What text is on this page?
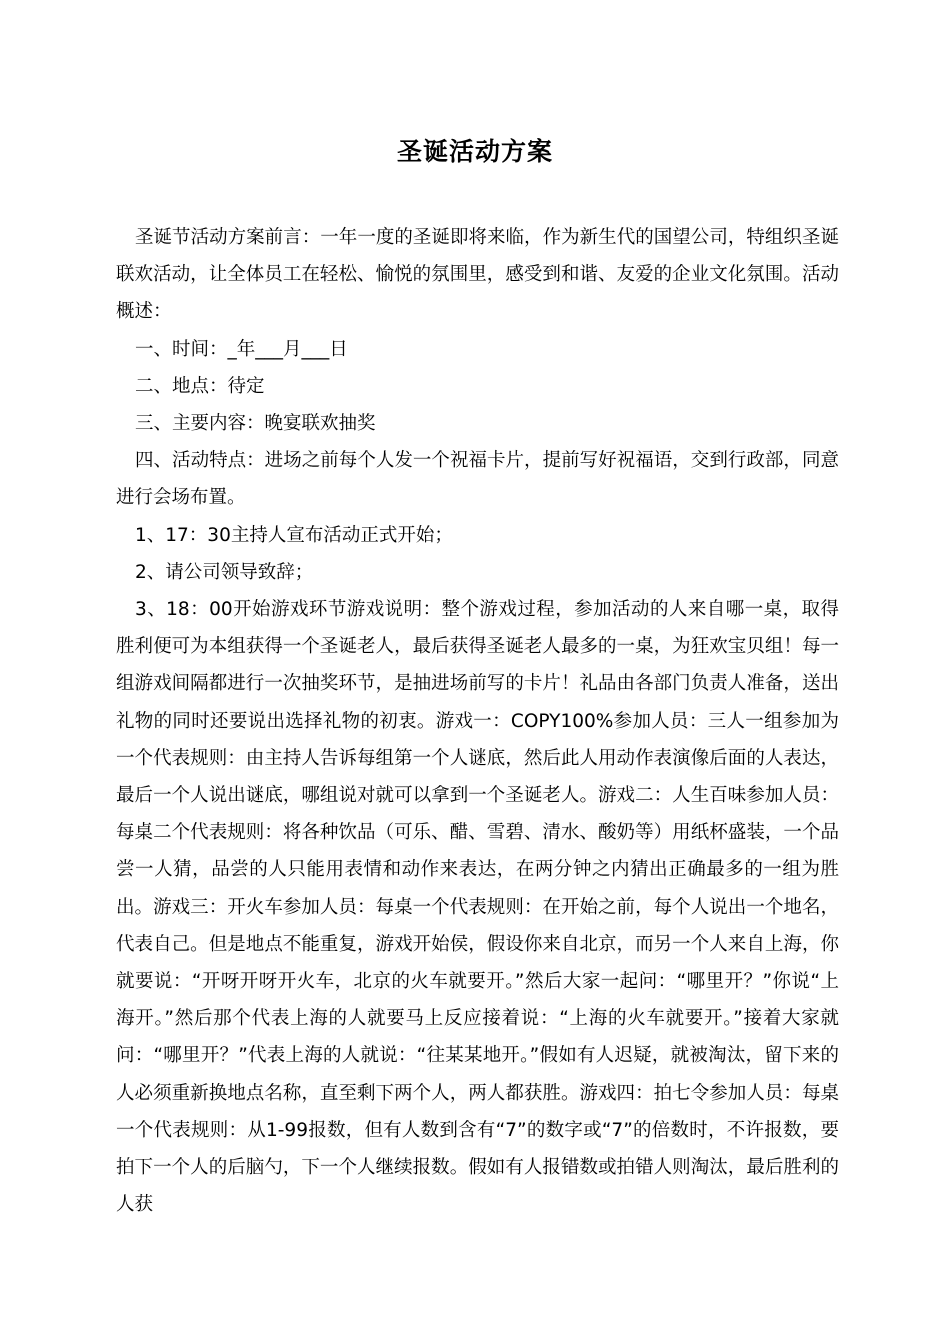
圣诞活动方案

圣诞节活动方案前言：一年一度的圣诞即将来临，作为新生代的国望公司，特组织圣诞联欢活动，让全体员工在轻松、愉悦的氛围里，感受到和谐、友爱的企业文化氛围。活动概述：

一、时间：_年___月___日

二、地点：待定

三、主要内容：晚宴联欢抽奖

四、活动特点：进场之前每个人发一个祝福卡片，提前写好祝福语，交到行政部，同意进行会场布置。

1、17：30主持人宣布活动正式开始；

2、请公司领导致辞；

3、18：00开始游戏环节游戏说明：整个游戏过程，参加活动的人来自哪一桌，取得胜利便可为本组获得一个圣诞老人，最后获得圣诞老人最多的一桌，为狂欢宝贝组！每一组游戏间隔都进行一次抽奖环节，是抽进场前写的卡片！礼品由各部门负责人准备，送出礼物的同时还要说出选择礼物的初衷。游戏一：COPY100%参加人员：三人一组参加为一个代表规则：由主持人告诉每组第一个人谜底，然后此人用动作表演像后面的人表达，最后一个人说出谜底，哪组说对就可以拿到一个圣诞老人。游戏二：人生百味参加人员：每桌二个代表规则：将各种饮品（可乐、醋、雪碧、清水、酸奶等）用纸杯盛装，一个品尝一人猜，品尝的人只能用表情和动作来表达，在两分钟之内猜出正确最多的一组为胜出。游戏三：开火车参加人员：每桌一个代表规则：在开始之前，每个人说出一个地名，代表自己。但是地点不能重复，游戏开始侯，假设你来自北京，而另一个人来自上海，你就要说：“开呀开呀开火车，北京的火车就要开。”然后大家一起问：“哪里开？”你说“上海开。”然后那个代表上海的人就要马上反应接着说：“上海的火车就要开。”接着大家就问：“哪里开？”代表上海的人就说：“往某某地开。”假如有人迟疑，就被淘汰，留下来的人必须重新换地点名称，直至剩下两个人，两人都获胜。游戏四：拍七令参加人员：每桌一个代表规则：从1-99报数，但有人数到含有“7”的数字或“7”的倍数时，不许报数，要拍下一个人的后脑勺，下一个人继续报数。假如有人报错数或拍错人则淘汰，最后胜利的人获
